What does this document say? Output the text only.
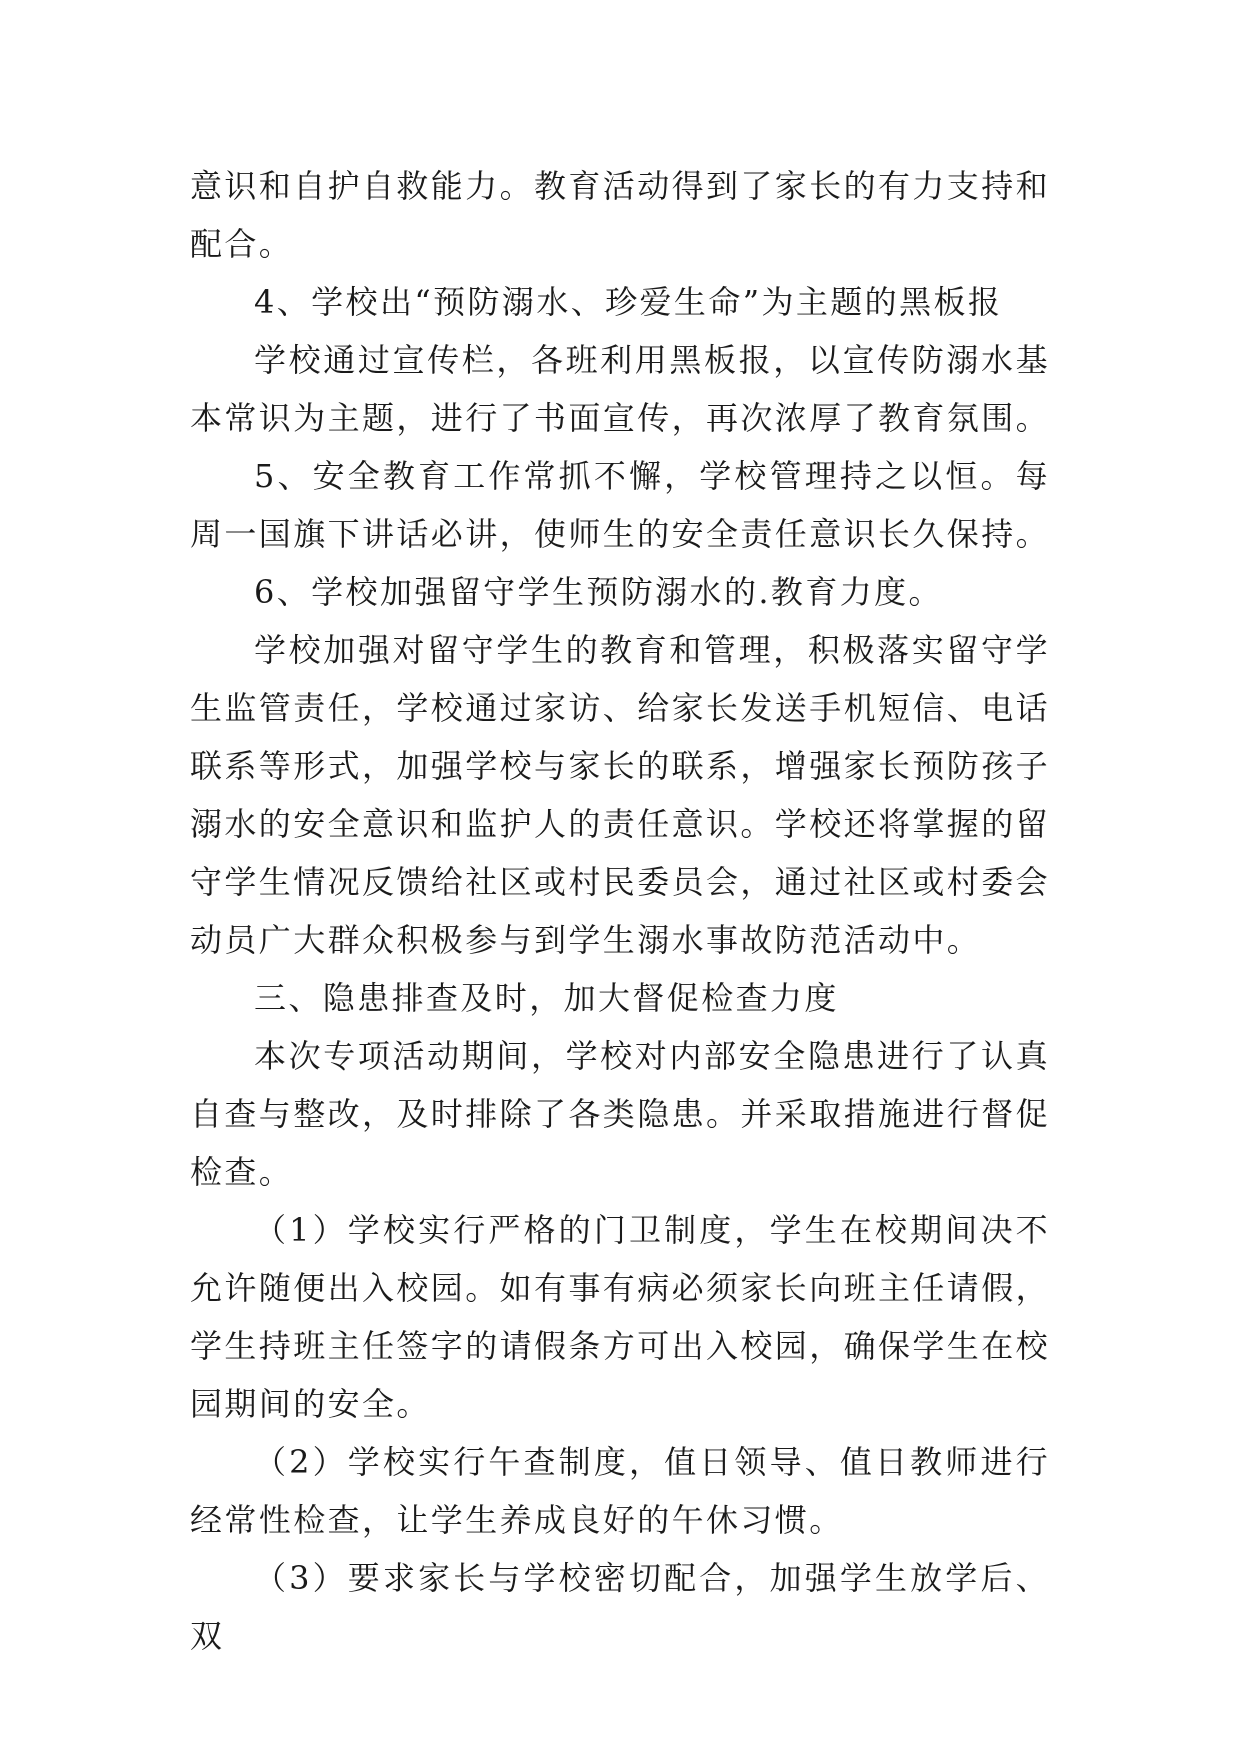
意识和自护自救能力。教育活动得到了家长的有力支持和配合。

4、学校出“预防溺水、珍爱生命”为主题的黑板报

学校通过宣传栏，各班利用黑板报，以宣传防溺水基本常识为主题，进行了书面宣传，再次浓厚了教育氛围。

5、安全教育工作常抓不懈，学校管理持之以恒。每周一国旗下讲话必讲，使师生的安全责任意识长久保持。

6、学校加强留守学生预防溺水的.教育力度。

学校加强对留守学生的教育和管理，积极落实留守学生监管责任，学校通过家访、给家长发送手机短信、电话联系等形式，加强学校与家长的联系，增强家长预防孩子溺水的安全意识和监护人的责任意识。学校还将掌握的留守学生情况反馈给社区或村民委员会，通过社区或村委会动员广大群众积极参与到学生溺水事故防范活动中。

三、隐患排查及时，加大督促检查力度

本次专项活动期间，学校对内部安全隐患进行了认真自查与整改，及时排除了各类隐患。并采取措施进行督促检查。

（1）学校实行严格的门卫制度，学生在校期间决不允许随便出入校园。如有事有病必须家长向班主任请假，学生持班主任签字的请假条方可出入校园，确保学生在校园期间的安全。

（2）学校实行午查制度，值日领导、值日教师进行经常性检查，让学生养成良好的午休习惯。

（3）要求家长与学校密切配合，加强学生放学后、双
